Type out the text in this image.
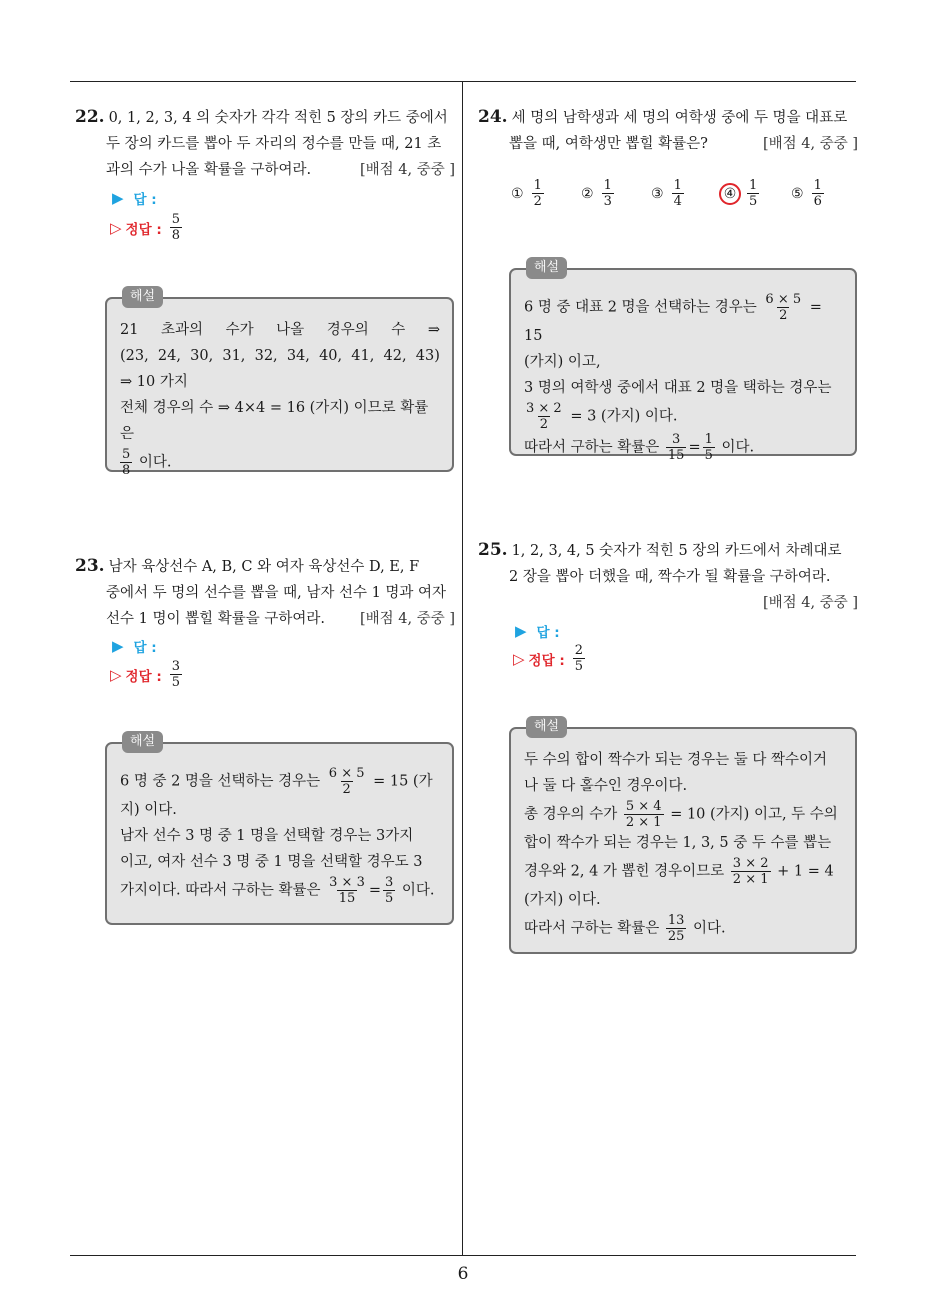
6
22. 0, 1, 2, 3, 4 의 숫자가 각각 적힌 5 장의 카드 중에서
두 장의 카드를 뽑아 두 자리의 정수를 만들 때, 21 초
과의 수가 나올 확률을 구하여라.	[배점 4, 중중 ]
▶ 답 :
▷ 정답 : $\frac{5}{8}$
해설

21 초과의 수가 나올 경우의 수 ⇒

(23, 24, 30, 31, 32, 34, 40, 41, 42, 43)

⇒ 10 가지

전체 경우의 수 ⇒ 4×4 = 16 (가지) 이므로 확률은

$\frac{5}{8}$ 이다.

23. 남자 육상선수 A, B, C 와 여자 육상선수 D, E, F
중에서 두 명의 선수를 뽑을 때, 남자 선수 1 명과 여자
선수 1 명이 뽑힐 확률을 구하여라. [배점 4, 중중 ]
▶ 답 :
▷ 정답 : $\frac{3}{5}$
해설

6 명 중 2 명을 선택하는 경우는 $\frac{6 \times 5}{2} = 15$ (가

지) 이다.

남자 선수 3 명 중 1 명을 선택할 경우는 3가지

이고, 여자 선수 3 명 중 1 명을 선택할 경우도 3

가지이다. 따라서 구하는 확률은 $\frac{3 \times 3}{15} = \frac{3}{5}$ 이다.

24. 세 명의 남학생과 세 명의 여학생 중에 두 명을 대표로
뽑을 때, 여학생만 뽑힐 확률은?	[배점 4, 중중 ]
① $\frac{1}{2}$	② $\frac{1}{3}$	③ $\frac{1}{4}$	④ $\frac{1}{5}$ ⑤ $\frac{1}{6}$
해설

6 명 중 대표 2 명을 선택하는 경우는 $\frac{6 \times 5}{2} = 15$

(가지) 이고,

3 명의 여학생 중에서 대표 2 명을 택하는 경우는

$\frac{3 \times 2}{2} = 3$ (가지) 이다.

따라서 구하는 확률은 $\frac{3}{15} = \frac{1}{5}$ 이다.

25. 1, 2, 3, 4, 5 숫자가 적힌 5 장의 카드에서 차례대로
2 장을 뽑아 더했을 때, 짝수가 될 확률을 구하여라.
[배점 4, 중중 ]
▶ 답 :
▷ 정답 : $\frac{2}{5}$
해설

두 수의 합이 짝수가 되는 경우는 둘 다 짝수이거

나 둘 다 홀수인 경우이다.

총 경우의 수가 $\frac{5 \times 4}{2 \times 1} = 10$ (가지) 이고, 두 수의

합이 짝수가 되는 경우는 1, 3, 5 중 두 수를 뽑는

경우와 2, 4 가 뽑힌 경우이므로 $\frac{3 \times 2}{2 \times 1} + 1 = 4$

(가지) 이다.

따라서 구하는 확률은 $\frac{13}{25}$ 이다.
